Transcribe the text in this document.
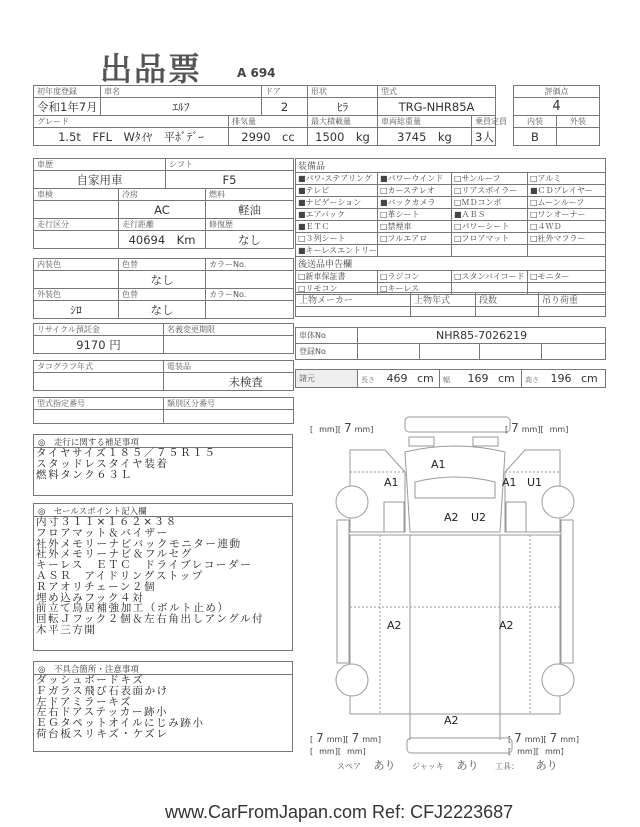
出品票	A 694
初年度登録	車名		ドア	形状	型式	
令和1年7月	ｴﾙﾌ		2	ﾋﾗ	TRG-NHR85A	
グレード		排気量		最大積載量	車両総重量	乗員定員
1.5t　FFL　Wﾀｲﾔ　平ﾎﾞﾃﾞｰ		2990　cc		1500　kg	3745　kg	3人
評価点	
4	
内装	外装
B	
車歴		シフト	
自家用車		F5	
車検	冷房		燃料
	AC		軽油
走行区分	走行距離		修復歴
	40694　Km		なし
内装色	色替	カラーNo.
	なし	
外装色	色替	カラーNo.
ｼﾛ	なし	
リサイクル預託金	名義変更期限
9170 円	
タコグラフ年式	電装品
	未検査
型式指定番号	類別区分番号

装備品			
■パワ-ステアリング	■パワーウインド	□サンルーフ	□アルミ
■テレビ	□カーステレオ	□リアスポイラー	■ＣＤプレイヤー
■ナビゲーション	■バックカメラ	□ＭＤコンポ	□ムーンルーフ
■エアバック	□革シート	■ＡＢＳ	□ワンオーナー
■ＥＴＣ	□禁煙車	□パワーシート	□４ＷＤ
□３列シート	□フルエアロ	□フロアマット	□社外マフラー
■キーレスエントリー			
後送品申告欄			
□新車保証書	□ラジコン	□スタンバイコード	□モニター
□リモコン	□キーレス		
上物メーカー	上物年式	段数	吊り荷重

車体No	NHR85-7026219			
登録No				
諸元	長さ 469 cm	幅 169 cm	高さ 196 cm
◎　走行に関する補足事項
タイヤサイズ１８５／７５Ｒ１５
スタッドレスタイヤ装着
燃料タンク６３Ｌ
◎　セールスポイント記入欄
内寸３１１×１６２×３８
フロアマット＆バイザー
社外メモリーナビバックモニター連動
社外メモリーナビ＆フルセグ
キーレス　ＥＴＣ　ドライブレコーダー
ＡＳＲ　アイドリングストップ
Ｒアオリチェーン２個
埋め込みフック４対
前立て鳥居補強加工（ボルト止め）
回転Ｊフック２個＆左右角出しアングル付
木平三方開
◎　不具合箇所・注意事項
ダッシュボードキズ
Ｆガラス飛び石表面かけ
左ドアミラーキズ
左右ドアステッカー跡小
ＥＧタペットオイルにじみ跡小
荷台板スリキズ・ケズレ
[ mm][ 7 mm]	[ 7 mm][ mm]
[ 7 mm][ 7 mm]
[ mm][ mm]
[ 7 mm][ 7 mm]
[ mm][ mm]
A1
A1	A1 U1
A2 U2
A2	A2
A2
スペア あり ジャッキ あり 工具： あり
www.CarFromJapan.com Ref: CFJ2223687
